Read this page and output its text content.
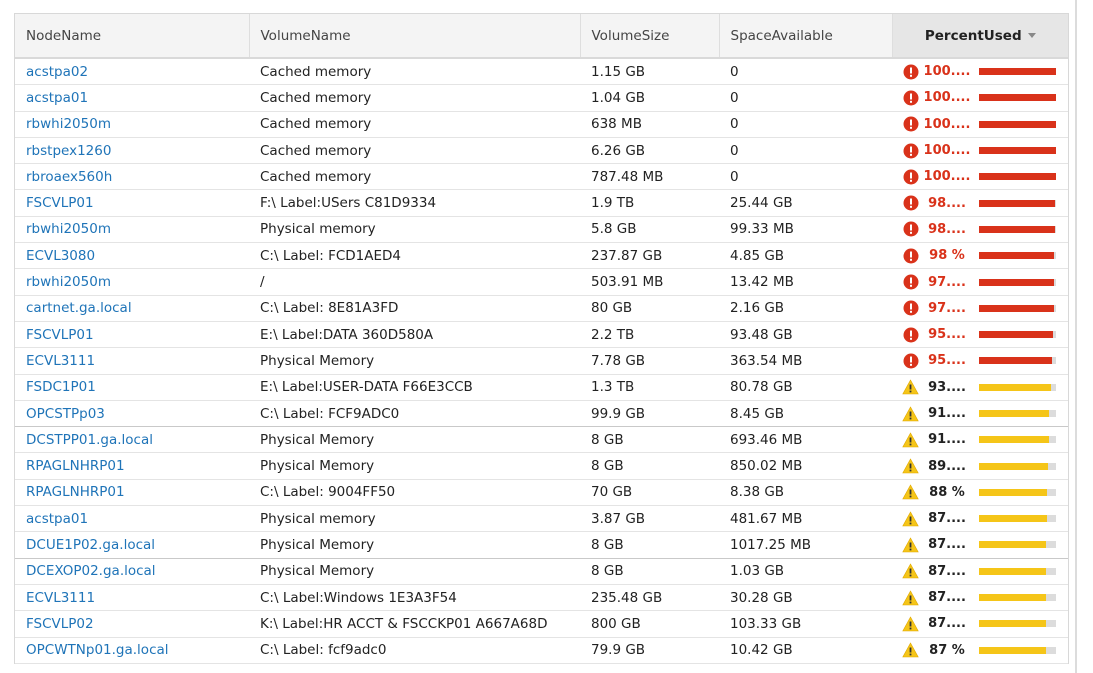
NodeName	VolumeName	VolumeSize	SpaceAvailable	PercentUsed
acstpa02	Cached memory	1.15 GB	0	100....

acstpa01	Cached memory	1.04 GB	0	100....

rbwhi2050m	Cached memory	638 MB	0	100....

rbstpex1260	Cached memory	6.26 GB	0	100....

rbroaex560h	Cached memory	787.48 MB	0	100....

FSCVLP01	F:\ Label:USers C81D9334	1.9 TB	25.44 GB	98....

rbwhi2050m	Physical memory	5.8 GB	99.33 MB	98....

ECVL3080	C:\ Label: FCD1AED4	237.87 GB	4.85 GB	98 %

rbwhi2050m	/	503.91 MB	13.42 MB	97....

cartnet.ga.local	C:\ Label: 8E81A3FD	80 GB	2.16 GB	97....

FSCVLP01	E:\ Label:DATA 360D580A	2.2 TB	93.48 GB	95....

ECVL3111	Physical Memory	7.78 GB	363.54 MB	95....

FSDC1P01	E:\ Label:USER-DATA F66E3CCB	1.3 TB	80.78 GB	93....

OPCSTPp03	C:\ Label: FCF9ADC0	99.9 GB	8.45 GB	91....

DCSTPP01.ga.local	Physical Memory	8 GB	693.46 MB	91....

RPAGLNHRP01	Physical Memory	8 GB	850.02 MB	89....

RPAGLNHRP01	C:\ Label: 9004FF50	70 GB	8.38 GB	88 %

acstpa01	Physical memory	3.87 GB	481.67 MB	87....

DCUE1P02.ga.local	Physical Memory	8 GB	1017.25 MB	87....

DCEXOP02.ga.local	Physical Memory	8 GB	1.03 GB	87....

ECVL3111	C:\ Label:Windows 1E3A3F54	235.48 GB	30.28 GB	87....

FSCVLP02	K:\ Label:HR ACCT & FSCCKP01 A667A68D	800 GB	103.33 GB	87....

OPCWTNp01.ga.local	C:\ Label: fcf9adc0	79.9 GB	10.42 GB	87 %
